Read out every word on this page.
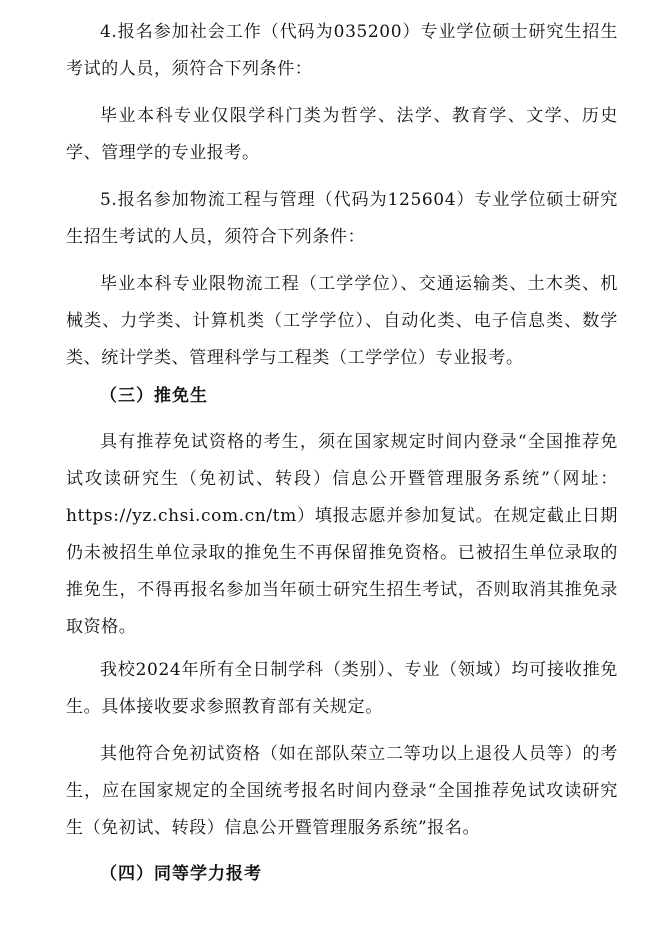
4.报名参加社会工作（代码为035200）专业学位硕士研究生招生考试的人员，须符合下列条件：

毕业本科专业仅限学科门类为哲学、法学、教育学、文学、历史学、管理学的专业报考。

5.报名参加物流工程与管理（代码为125604）专业学位硕士研究生招生考试的人员，须符合下列条件：

毕业本科专业限物流工程（工学学位）、交通运输类、土木类、机械类、力学类、计算机类（工学学位）、自动化类、电子信息类、数学类、统计学类、管理科学与工程类（工学学位）专业报考。

（三）推免生

具有推荐免试资格的考生，须在国家规定时间内登录“全国推荐免试攻读研究生（免初试、转段）信息公开暨管理服务系统”（网址：https://yz.chsi.com.cn/tm）填报志愿并参加复试。在规定截止日期仍未被招生单位录取的推免生不再保留推免资格。已被招生单位录取的推免生，不得再报名参加当年硕士研究生招生考试，否则取消其推免录取资格。

我校2024年所有全日制学科（类别）、专业（领域）均可接收推免生。具体接收要求参照教育部有关规定。

其他符合免初试资格（如在部队荣立二等功以上退役人员等）的考生，应在国家规定的全国统考报名时间内登录“全国推荐免试攻读研究生（免初试、转段）信息公开暨管理服务系统”报名。

（四）同等学力报考
